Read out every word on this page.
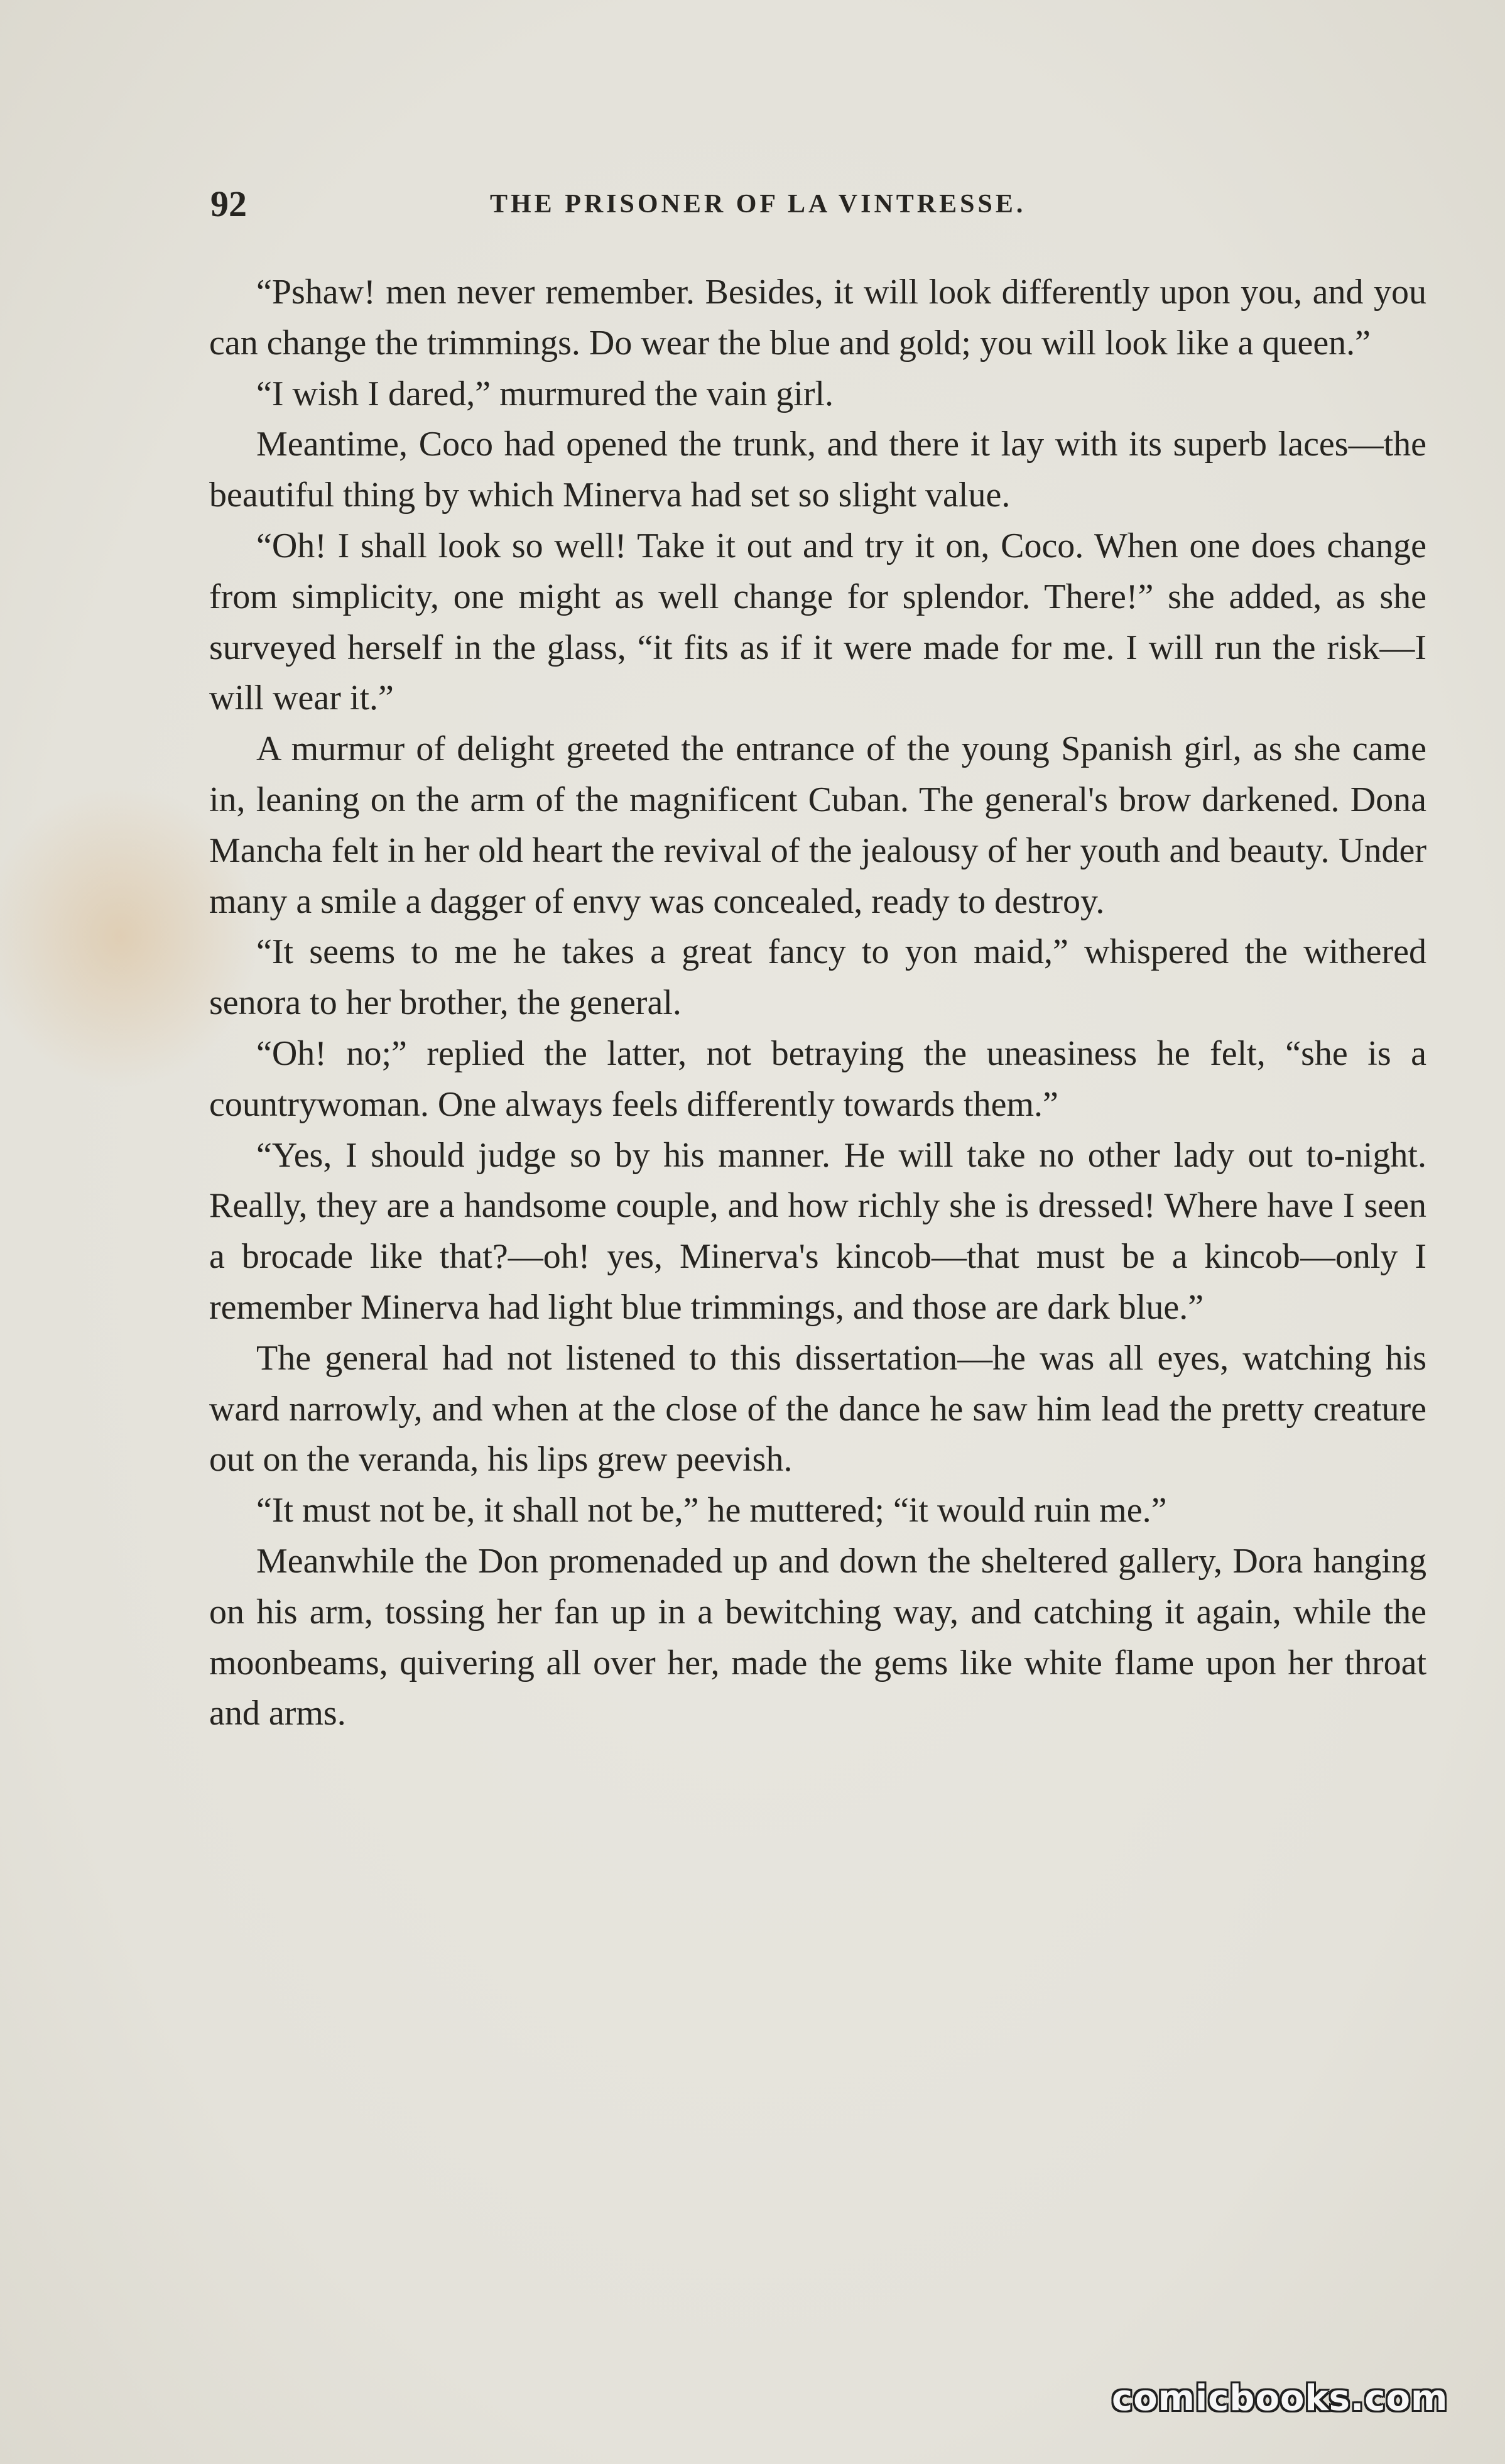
92	THE PRISONER OF LA VINTRESSE.

“Pshaw! men never remember. Besides, it will look differently upon you, and you can change the trimmings. Do wear the blue and gold; you will look like a queen.”

“I wish I dared,” murmured the vain girl.

Meantime, Coco had opened the trunk, and there it lay with its superb laces—the beautiful thing by which Minerva had set so slight value.

“Oh! I shall look so well! Take it out and try it on, Coco. When one does change from simplicity, one might as well change for splendor. There!” she added, as she surveyed herself in the glass, “it fits as if it were made for me. I will run the risk—I will wear it.”

A murmur of delight greeted the entrance of the young Spanish girl, as she came in, leaning on the arm of the magnificent Cuban. The general's brow darkened. Dona Mancha felt in her old heart the revival of the jealousy of her youth and beauty. Under many a smile a dagger of envy was concealed, ready to destroy.

“It seems to me he takes a great fancy to yon maid,” whispered the withered senora to her brother, the general.

“Oh! no;” replied the latter, not betraying the uneasiness he felt, “she is a countrywoman. One always feels differently towards them.”

“Yes, I should judge so by his manner. He will take no other lady out to-night. Really, they are a handsome couple, and how richly she is dressed! Where have I seen a brocade like that?—oh! yes, Minerva's kincob—that must be a kincob—only I remember Minerva had light blue trimmings, and those are dark blue.”

The general had not listened to this dissertation—he was all eyes, watching his ward narrowly, and when at the close of the dance he saw him lead the pretty creature out on the veranda, his lips grew peevish.

“It must not be, it shall not be,” he muttered; “it would ruin me.”

Meanwhile the Don promenaded up and down the sheltered gallery, Dora hanging on his arm, tossing her fan up in a bewitching way, and catching it again, while the moonbeams, quivering all over her, made the gems like white flame upon her throat and arms.

comicbooks.com
